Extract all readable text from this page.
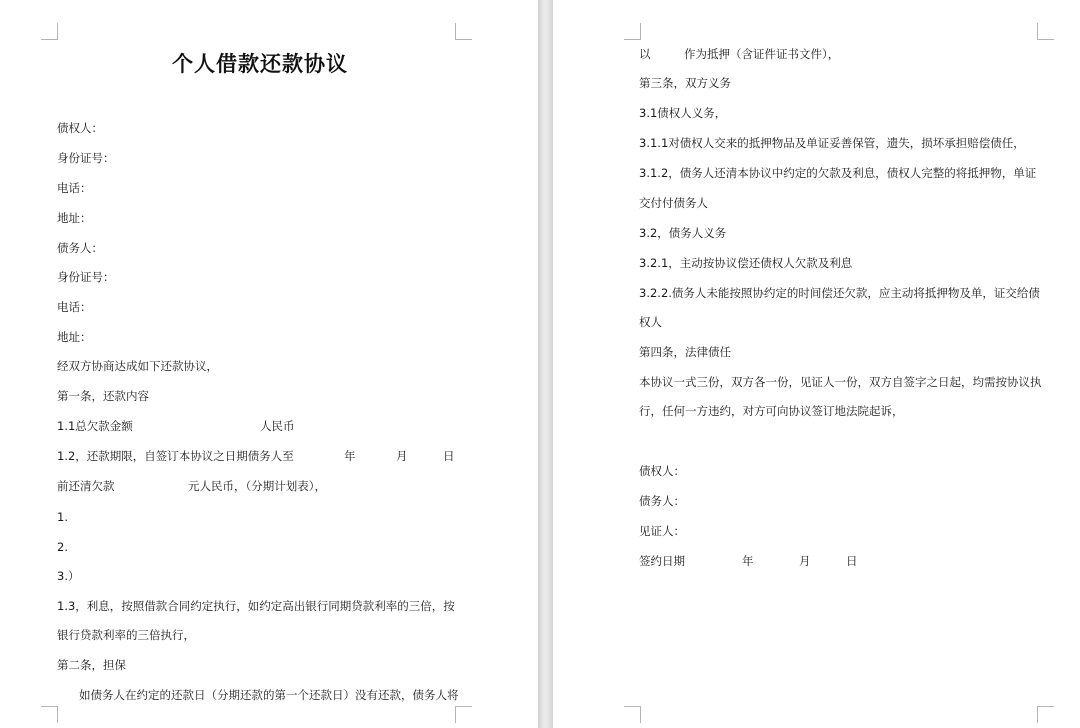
个人借款还款协议
债权人：
身份证号：
电话：
地址：
债务人：
身份证号：
电话：
地址：
经双方协商达成如下还款协议，
第一条，还款内容
1.1总欠款金额	人民币
1.2，还款期限，自签订本协议之日期债务人至	年	月	日
前还清欠款	元人民币，（分期计划表），
1.
2.
3.）
1.3，利息，按照借款合同约定执行，如约定高出银行同期贷款利率的三倍，按
银行贷款利率的三倍执行，
第二条，担保
如债务人在约定的还款日（分期还款的第一个还款日）没有还款，债务人将
以	作为抵押（含证件证书文件），
第三条，双方义务
3.1债权人义务，
3.1.1对债权人交来的抵押物品及单证妥善保管，遗失，损坏承担赔偿债任，
3.1.2，债务人还清本协议中约定的欠款及利息，债权人完整的将抵押物，单证
交付付债务人
3.2，债务人义务
3.2.1，主动按协议偿还债权人欠款及利息
3.2.2.债务人未能按照协约定的时间偿还欠款，应主动将抵押物及单，证交给债
权人
第四条，法律债任
本协议一式三份，双方各一份，见证人一份，双方自签字之日起，均需按协议执
行，任何一方违约，对方可向协议签订地法院起诉，
债权人：
债务人：
见证人：
签约日期	年	月	日
